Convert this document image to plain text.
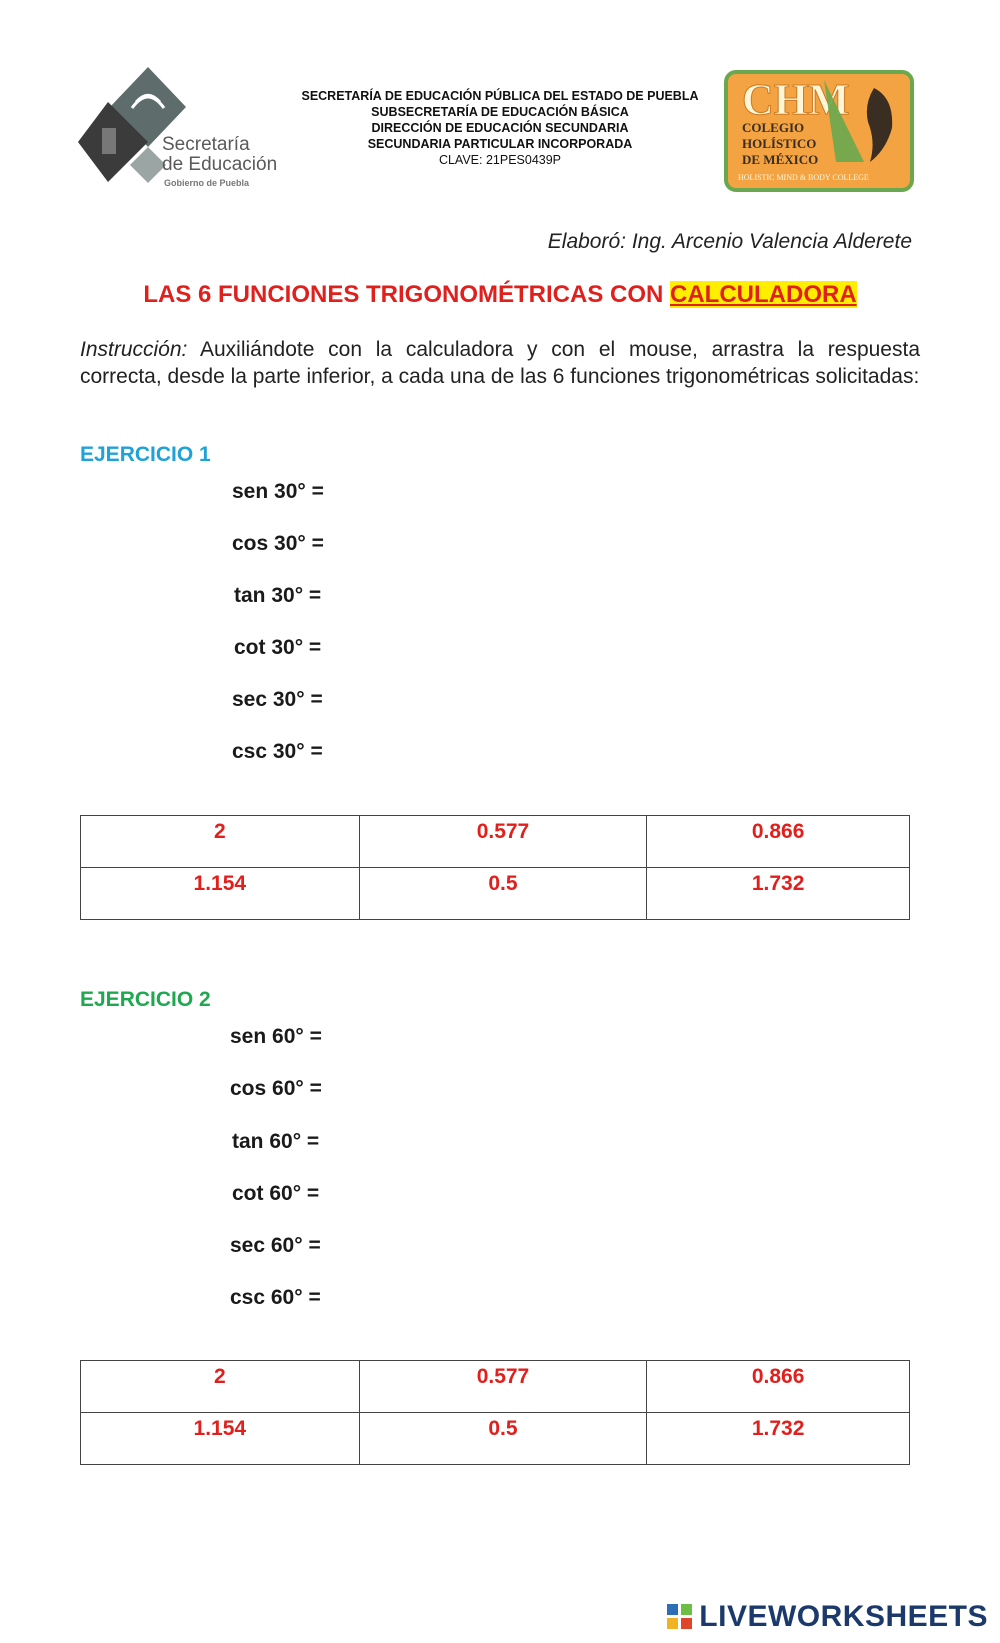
Secretaría
de Educación
Gobierno de Puebla
SECRETARÍA DE EDUCACIÓN PÚBLICA DEL ESTADO DE PUEBLA
SUBSECRETARÍA DE EDUCACIÓN BÁSICA
DIRECCIÓN DE EDUCACIÓN SECUNDARIA
SECUNDARIA PARTICULAR INCORPORADA
CLAVE: 21PES0439P
CHM
COLEGIO
HOLÍSTICO
DE MÉXICO
HOLISTIC MIND & BODY COLLEGE
Elaboró: Ing. Arcenio Valencia Alderete
LAS 6 FUNCIONES TRIGONOMÉTRICAS CON CALCULADORA
Instrucción: Auxiliándote con la calculadora y con el mouse, arrastra la respuesta correcta, desde la parte inferior, a cada una de las 6 funciones trigonométricas solicitadas:
EJERCICIO 1
sen 30° =
cos 30° =
tan 30° =
cot 30° =
sec 30° =
csc 30° =
2	0.577	0.866
1.154	0.5	1.732
EJERCICIO 2
sen 60° =
cos 60° =
tan 60° =
cot 60° =
sec 60° =
csc 60° =
2	0.577	0.866
1.154	0.5	1.732
LIVEWORKSHEETS
